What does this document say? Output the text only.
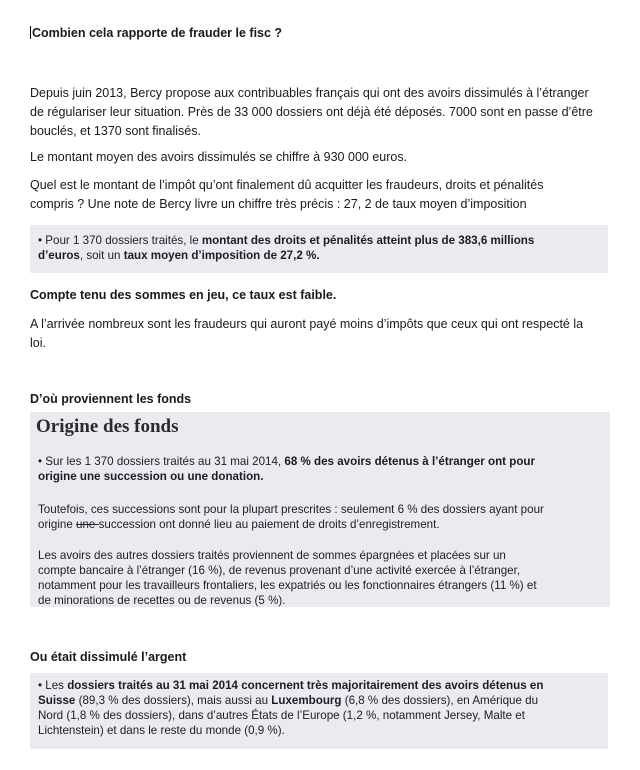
Combien cela rapporte de frauder le fisc ?
Depuis juin 2013, Bercy propose aux contribuables français qui ont des avoirs dissimulés à l’étranger
de régulariser leur situation. Près de 33 000 dossiers ont déjà été déposés. 7000 sont en passe d’être
bouclés, et 1370 sont finalisés.
Le montant moyen des avoirs dissimulés se chiffre à 930 000 euros.
Quel est le montant de l’impôt qu’ont finalement dû acquitter les fraudeurs, droits et pénalités
compris ? Une note de Bercy livre un chiffre très précis : 27, 2 de taux moyen d’imposition
• Pour 1 370 dossiers traités, le montant des droits et pénalités atteint plus de 383,6 millions
d’euros, soit un taux moyen d’imposition de 27,2 %.
Compte tenu des sommes en jeu, ce taux est faible.
A l’arrivée nombreux sont les fraudeurs qui auront payé moins d’impôts que ceux qui ont respecté la
loi.
D’où proviennent les fonds
Origine des fonds
• Sur les 1 370 dossiers traités au 31 mai 2014, 68 % des avoirs détenus à l’étranger ont pour
origine une succession ou une donation.
Toutefois, ces successions sont pour la plupart prescrites : seulement 6 % des dossiers ayant pour
origine une succession ont donné lieu au paiement de droits d’enregistrement.
Les avoirs des autres dossiers traités proviennent de sommes épargnées et placées sur un
compte bancaire à l’étranger (16 %), de revenus provenant d’une activité exercée à l’étranger,
notamment pour les travailleurs frontaliers, les expatriés ou les fonctionnaires étrangers (11 %) et
de minorations de recettes ou de revenus (5 %).
Ou était dissimulé l’argent
• Les dossiers traités au 31 mai 2014 concernent très majoritairement des avoirs détenus en
Suisse (89,3 % des dossiers), mais aussi au Luxembourg (6,8 % des dossiers), en Amérique du
Nord (1,8 % des dossiers), dans d’autres États de l’Europe (1,2 %, notamment Jersey, Malte et
Lichtenstein) et dans le reste du monde (0,9 %).
